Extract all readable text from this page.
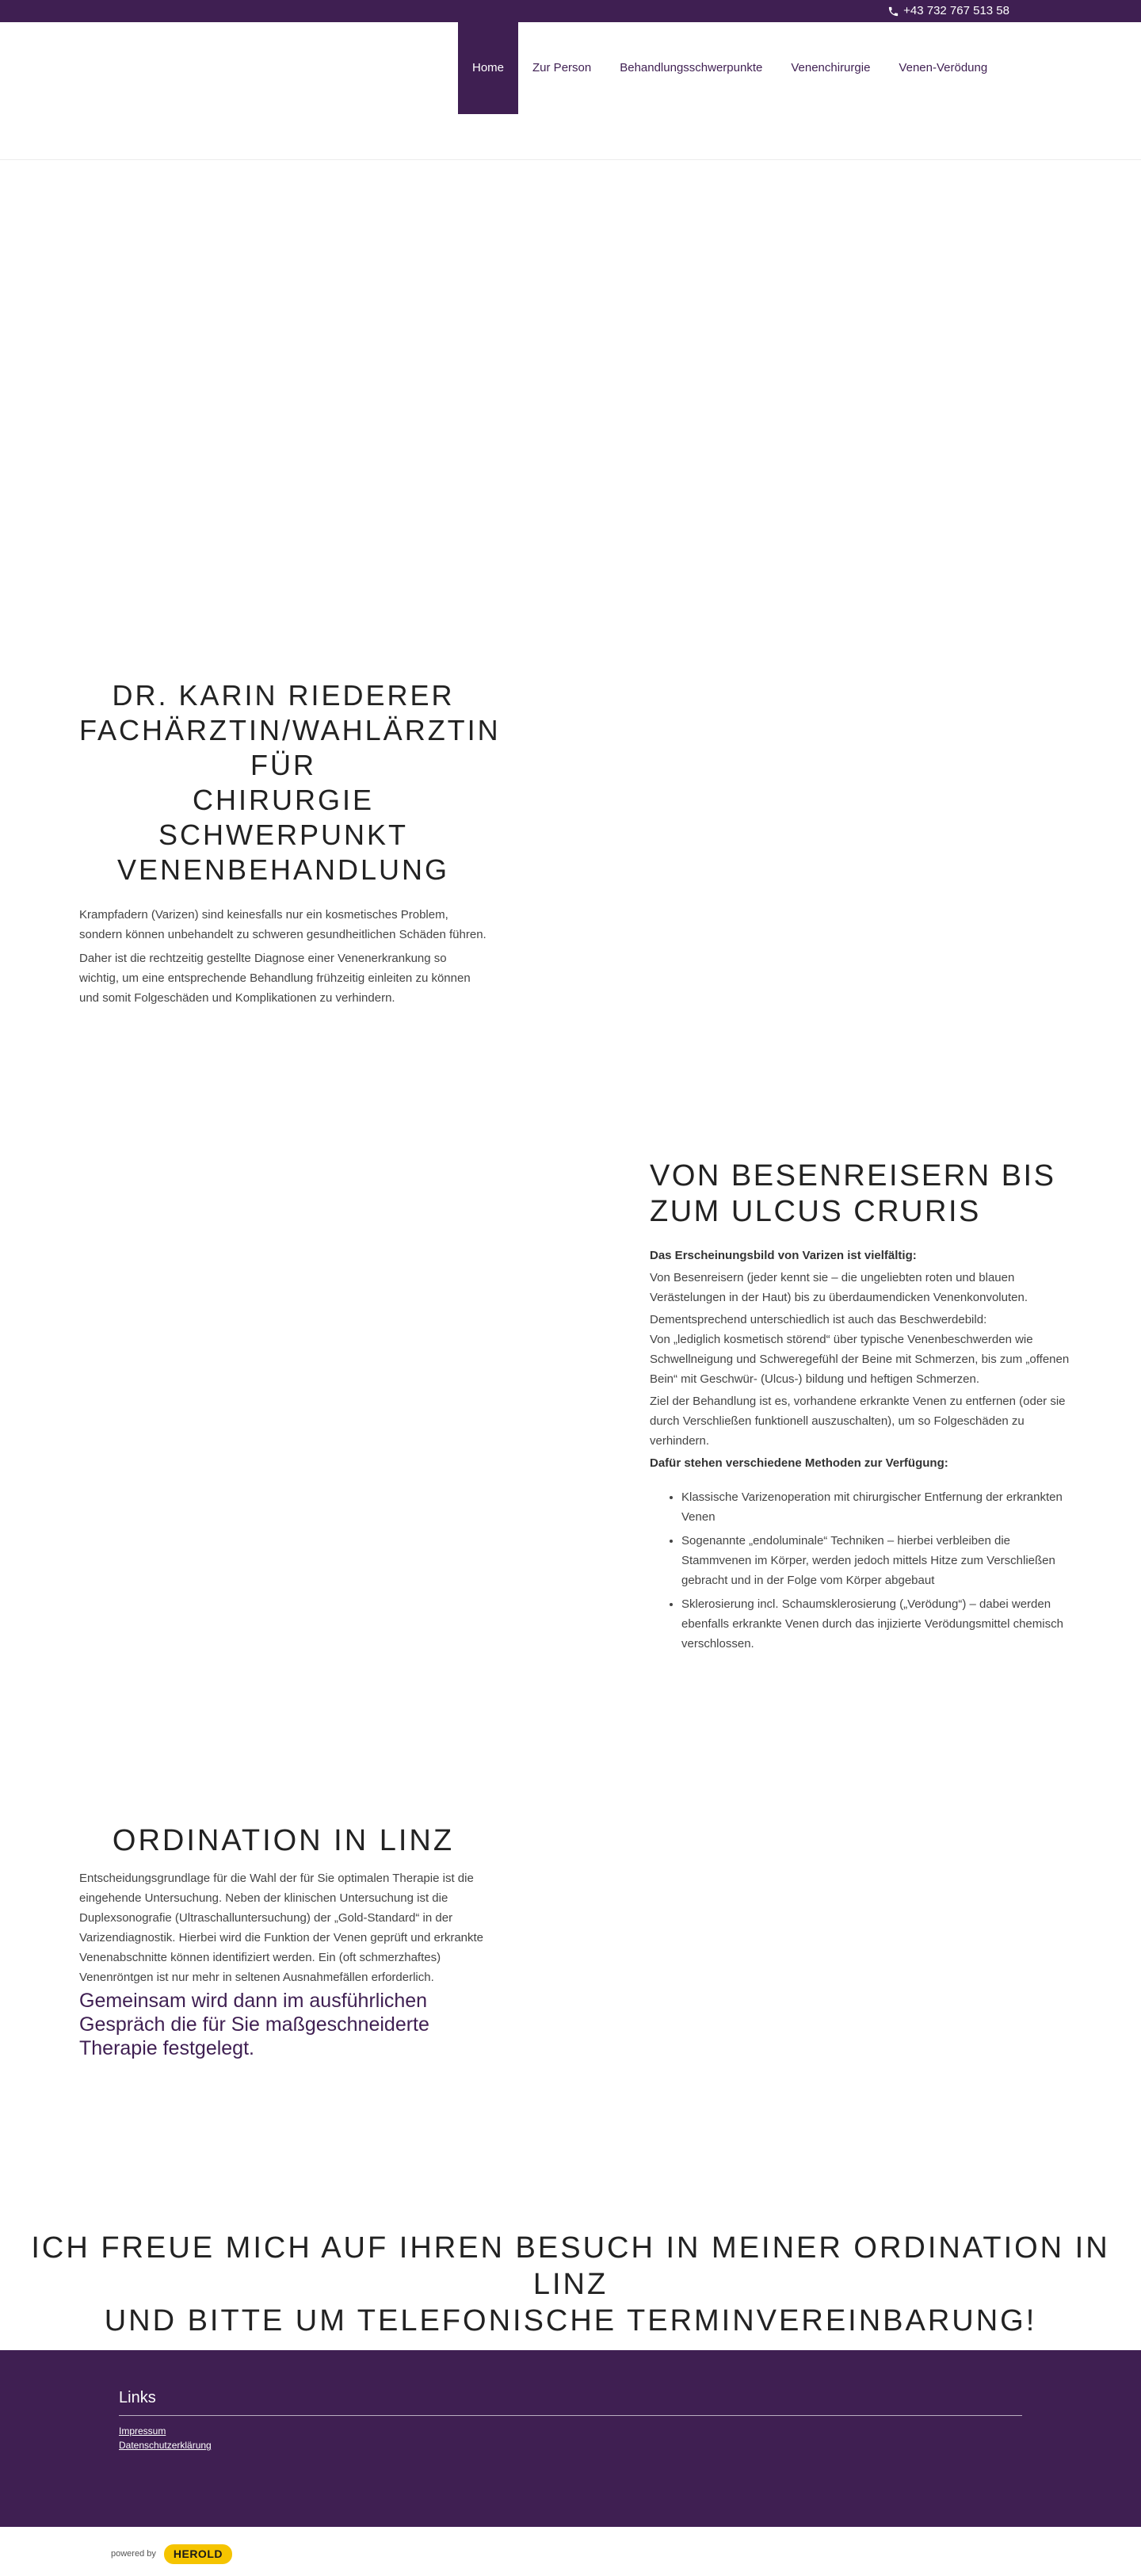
+43 732 767 513 58
Home	Zur Person	Behandlungsschwerpunkte	Venenchirurgie	Venen-Verödung
DR. KARIN RIEDERER
FACHÄRZTIN/WAHLÄRZTIN FÜR
CHIRURGIE
SCHWERPUNKT
VENENBEHANDLUNG

Krampfadern (Varizen) sind keinesfalls nur ein kosmetisches Problem, sondern können unbehandelt zu schweren gesundheitlichen Schäden führen.

Daher ist die rechtzeitig gestellte Diagnose einer Venenerkrankung so wichtig, um eine entsprechende Behandlung frühzeitig einleiten zu können und somit Folgeschäden und Komplikationen zu verhindern.

VON BESENREISERN BIS ZUM ULCUS CRURIS

Das Erscheinungsbild von Varizen ist vielfältig:

Von Besenreisern (jeder kennt sie – die ungeliebten roten und blauen Verästelungen in der Haut) bis zu überdaumendicken Venenkonvoluten.

Dementsprechend unterschiedlich ist auch das Beschwerdebild:
Von „lediglich kosmetisch störend“ über typische Venenbeschwerden wie Schwellneigung und Schweregefühl der Beine mit Schmerzen, bis zum „offenen Bein“ mit Geschwür- (Ulcus-) bildung und heftigen Schmerzen.

Ziel der Behandlung ist es, vorhandene erkrankte Venen zu entfernen (oder sie durch Verschließen funktionell auszuschalten), um so Folgeschäden zu verhindern.

Dafür stehen verschiedene Methoden zur Verfügung:

• Klassische Varizenoperation mit chirurgischer Entfernung der erkrankten Venen
• Sogenannte „endoluminale“ Techniken – hierbei verbleiben die Stammvenen im Körper, werden jedoch mittels Hitze zum Verschließen gebracht und in der Folge vom Körper abgebaut
• Sklerosierung incl. Schaumsklerosierung („Verödung“) – dabei werden ebenfalls erkrankte Venen durch das injizierte Verödungsmittel chemisch verschlossen.
ORDINATION IN LINZ

Entscheidungsgrundlage für die Wahl der für Sie optimalen Therapie ist die eingehende Untersuchung. Neben der klinischen Untersuchung ist die Duplexsonografie (Ultraschalluntersuchung) der „Gold-Standard“ in der Varizendiagnostik. Hierbei wird die Funktion der Venen geprüft und erkrankte Venenabschnitte können identifiziert werden. Ein (oft schmerzhaftes) Venenröntgen ist nur mehr in seltenen Ausnahmefällen erforderlich.

Gemeinsam wird dann im ausführlichen Gespräch die für Sie maßgeschneiderte Therapie festgelegt.

ICH FREUE MICH AUF IHREN BESUCH IN MEINER ORDINATION IN LINZ
UND BITTE UM TELEFONISCHE TERMINVEREINBARUNG!
Links
Impressum
Datenschutzerklärung
powered by	HEROLD
